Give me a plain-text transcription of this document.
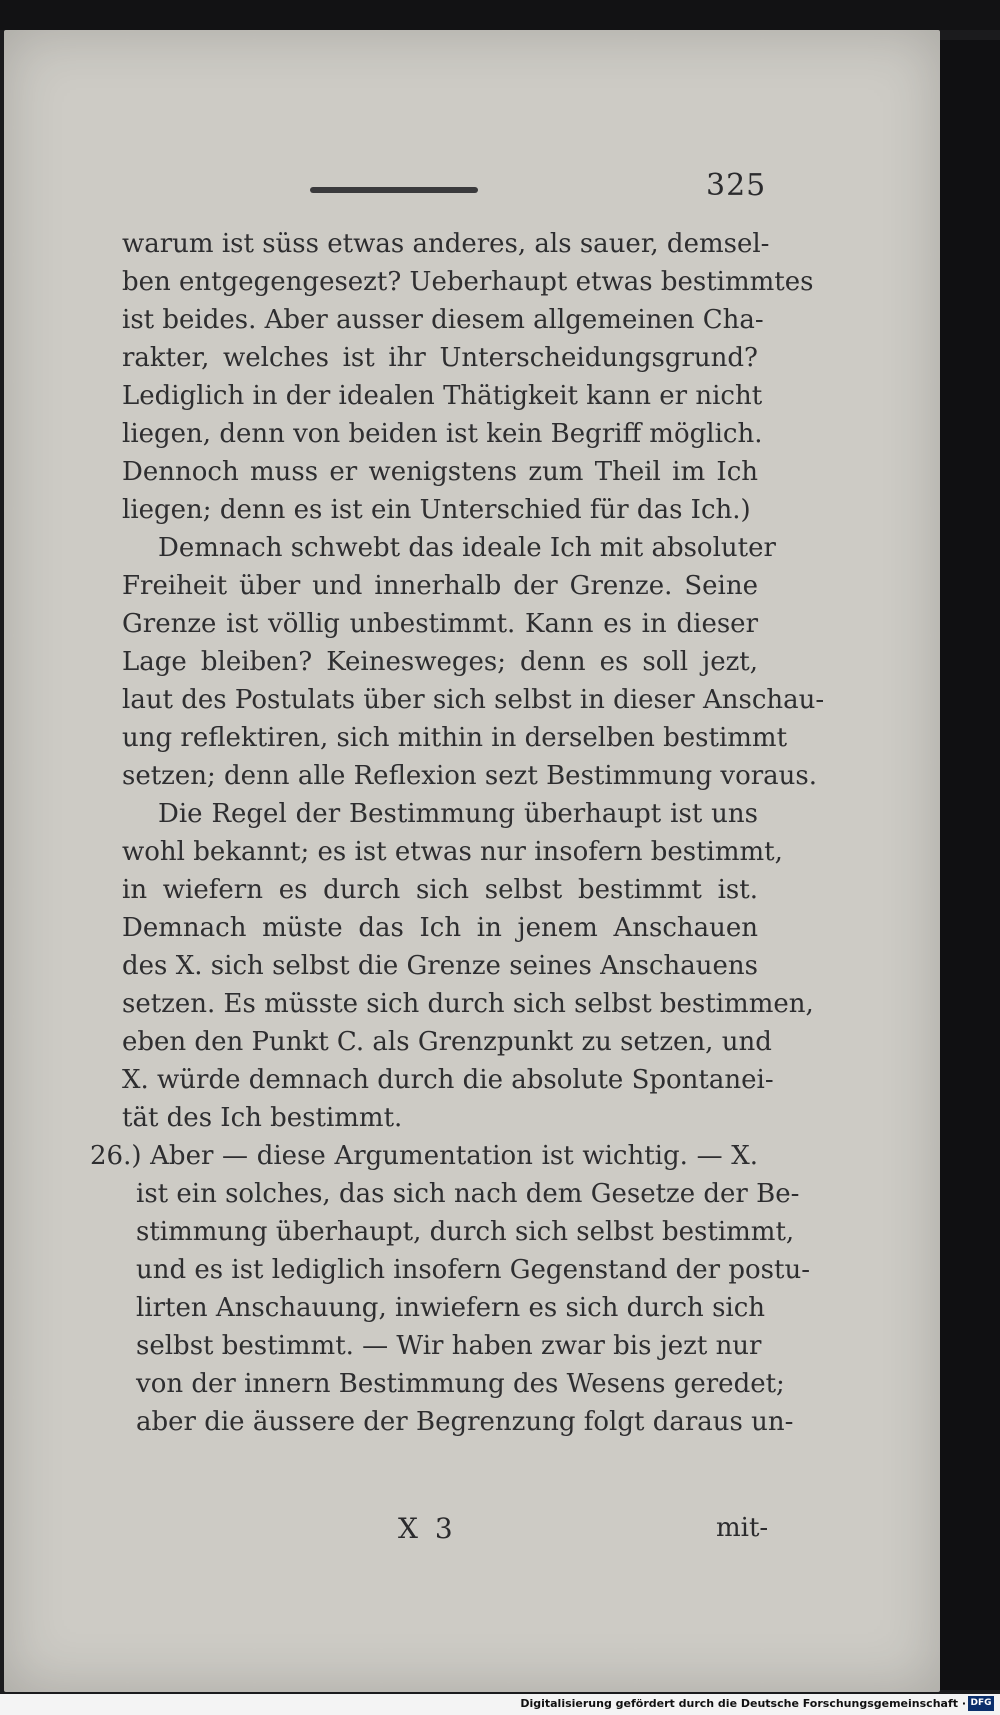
325
warum ist süss etwas anderes, als sauer, demsel-
ben entgegengesezt? Ueberhaupt etwas bestimmtes
ist beides. Aber ausser diesem allgemeinen Cha-
rakter, welches ist ihr Unterscheidungsgrund?
Lediglich in der idealen Thätigkeit kann er nicht
liegen, denn von beiden ist kein Begriff möglich.
Dennoch muss er wenigstens zum Theil im Ich
liegen; denn es ist ein Unterschied für das Ich.)
Demnach schwebt das ideale Ich mit absoluter
Freiheit über und innerhalb der Grenze. Seine
Grenze ist völlig unbestimmt. Kann es in dieser
Lage bleiben? Keinesweges; denn es soll jezt,
laut des Postulats über sich selbst in dieser Anschau-
ung reflektiren, sich mithin in derselben bestimmt
setzen; denn alle Reflexion sezt Bestimmung voraus.
Die Regel der Bestimmung überhaupt ist uns
wohl bekannt; es ist etwas nur insofern bestimmt,
in wiefern es durch sich selbst bestimmt ist.
Demnach müste das Ich in jenem Anschauen
des X. sich selbst die Grenze seines Anschauens
setzen. Es müsste sich durch sich selbst bestimmen,
eben den Punkt C. als Grenzpunkt zu setzen, und
X. würde demnach durch die absolute Spontanei-
tät des Ich bestimmt.
26.) Aber — diese Argumentation ist wichtig. — X.
ist ein solches, das sich nach dem Gesetze der Be-
stimmung überhaupt, durch sich selbst bestimmt,
und es ist lediglich insofern Gegenstand der postu-
lirten Anschauung, inwiefern es sich durch sich
selbst bestimmt. — Wir haben zwar bis jezt nur
von der innern Bestimmung des Wesens geredet;
aber die äussere der Begrenzung folgt daraus un-
X 3	mit-
Digitalisierung gefördert durch die Deutsche Forschungsgemeinschaft · DFG
